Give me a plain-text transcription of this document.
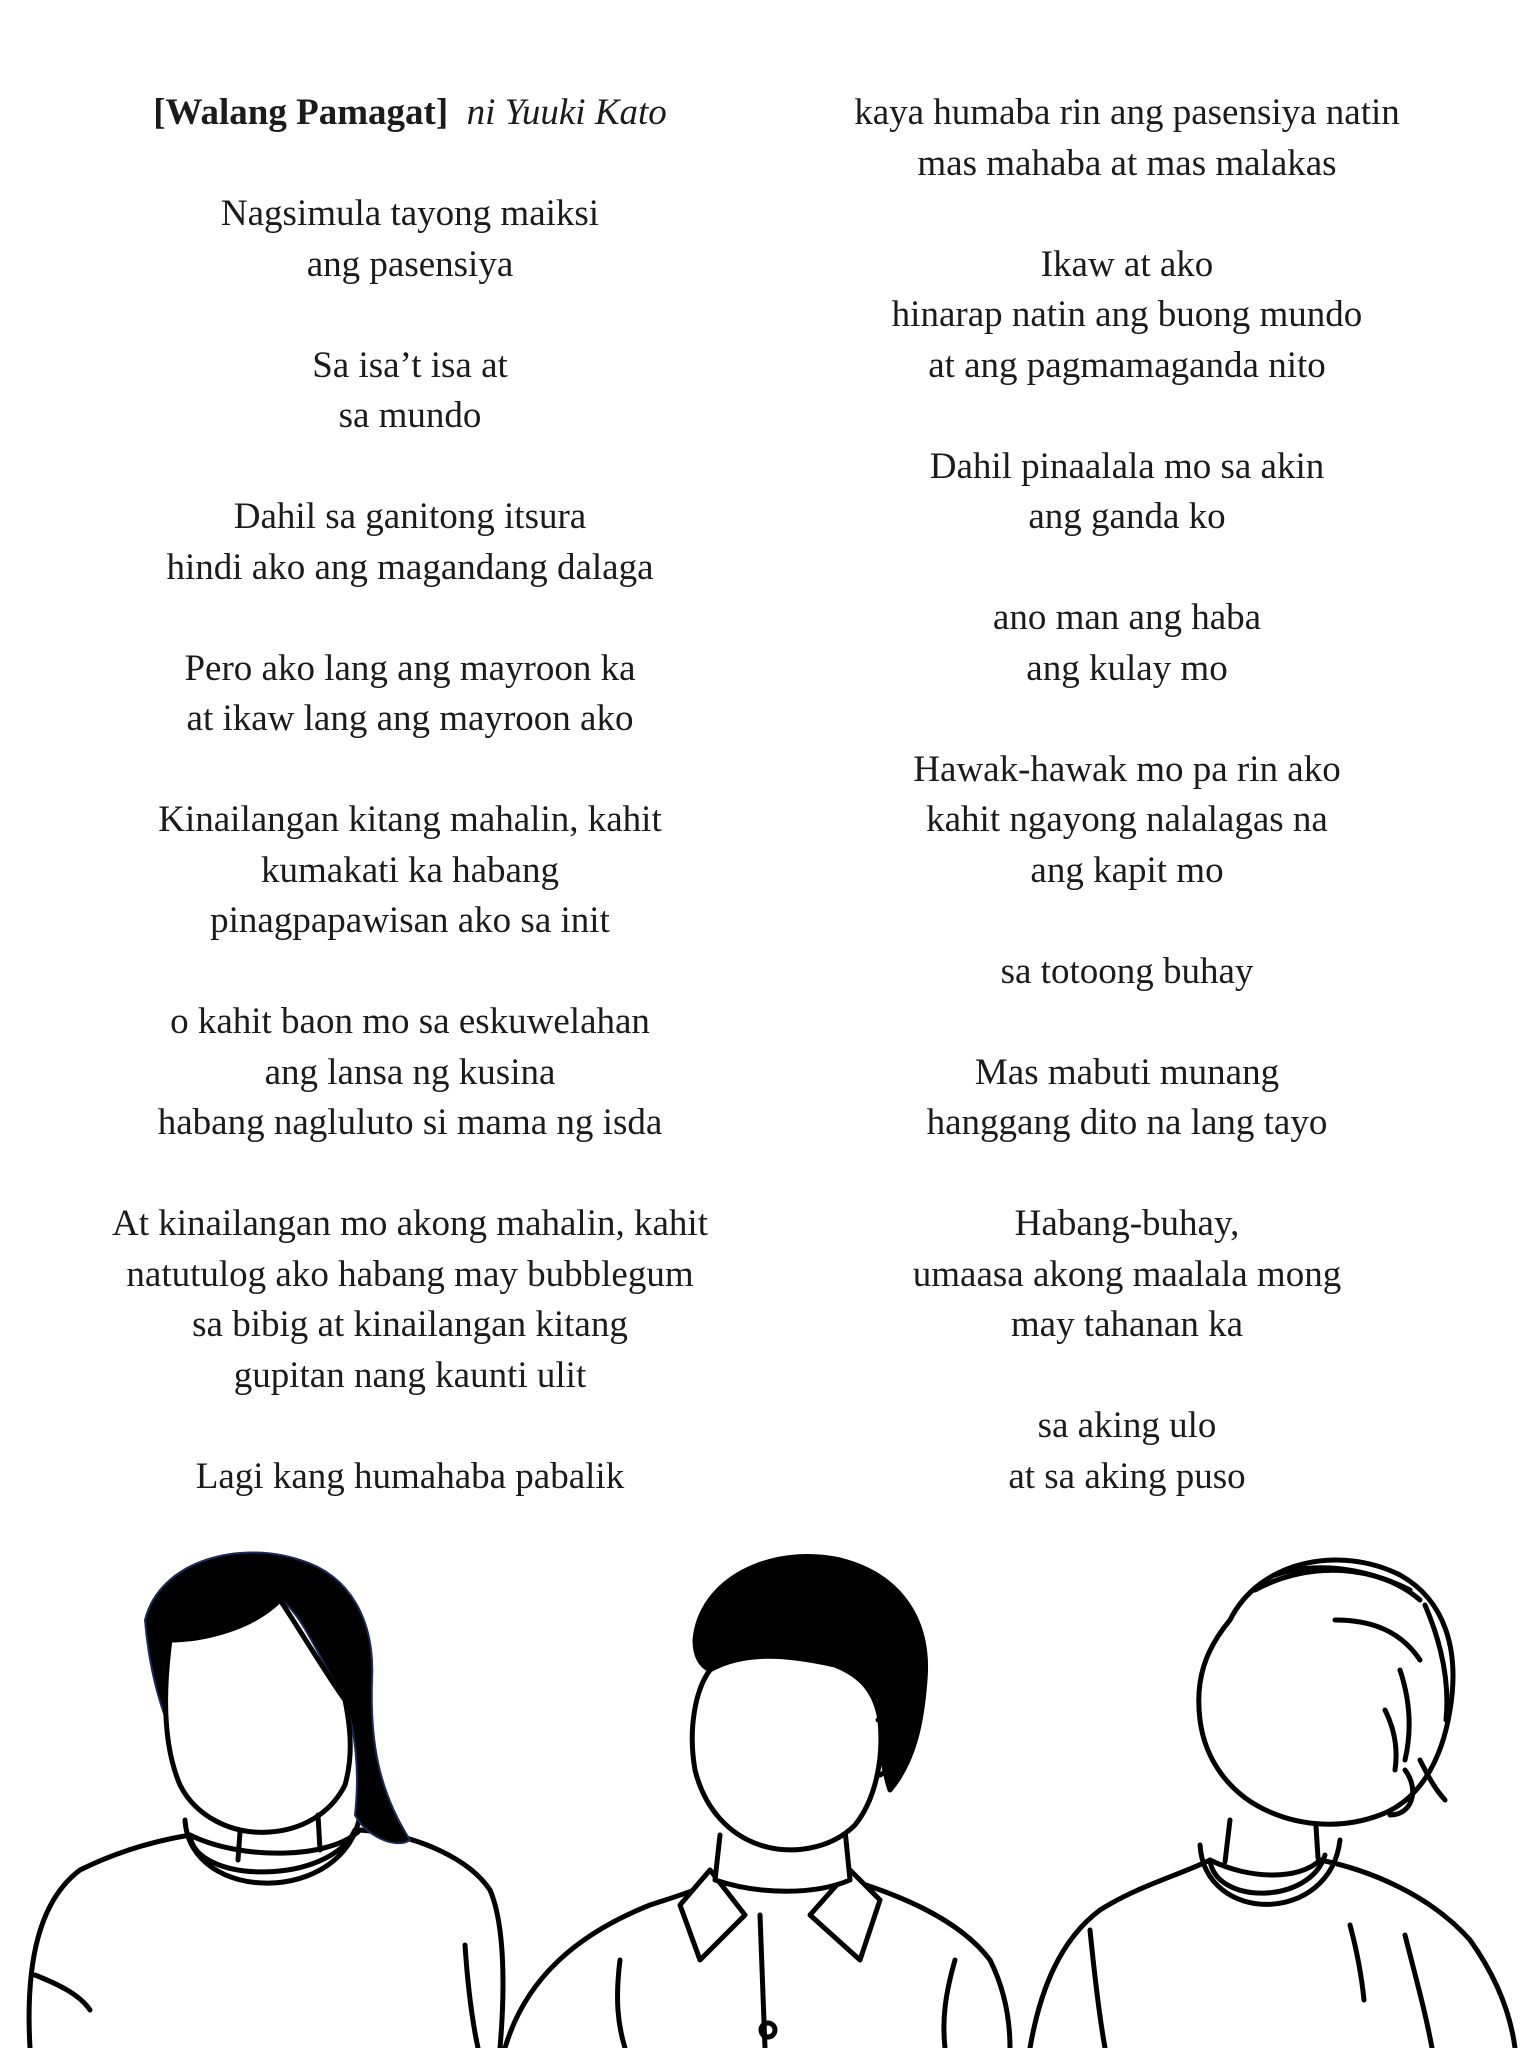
[Walang Pamagat] ni Yuuki Kato
Nagsimula tayong maiksi
ang pasensiya
Sa isa’t isa at
sa mundo
Dahil sa ganitong itsura
hindi ako ang magandang dalaga
Pero ako lang ang mayroon ka
at ikaw lang ang mayroon ako
Kinailangan kitang mahalin, kahit
kumakati ka habang
pinagpapawisan ako sa init
o kahit baon mo sa eskuwelahan
ang lansa ng kusina
habang nagluluto si mama ng isda
At kinailangan mo akong mahalin, kahit
natutulog ako habang may bubblegum
sa bibig at kinailangan kitang
gupitan nang kaunti ulit
Lagi kang humahaba pabalik
kaya humaba rin ang pasensiya natin
mas mahaba at mas malakas
Ikaw at ako
hinarap natin ang buong mundo
at ang pagmamaganda nito
Dahil pinaalala mo sa akin
ang ganda ko
ano man ang haba
ang kulay mo
Hawak-hawak mo pa rin ako
kahit ngayong nalalagas na
ang kapit mo
sa totoong buhay
Mas mabuti munang
hanggang dito na lang tayo
Habang-buhay,
umaasa akong maalala mong
may tahanan ka
sa aking ulo
at sa aking puso
